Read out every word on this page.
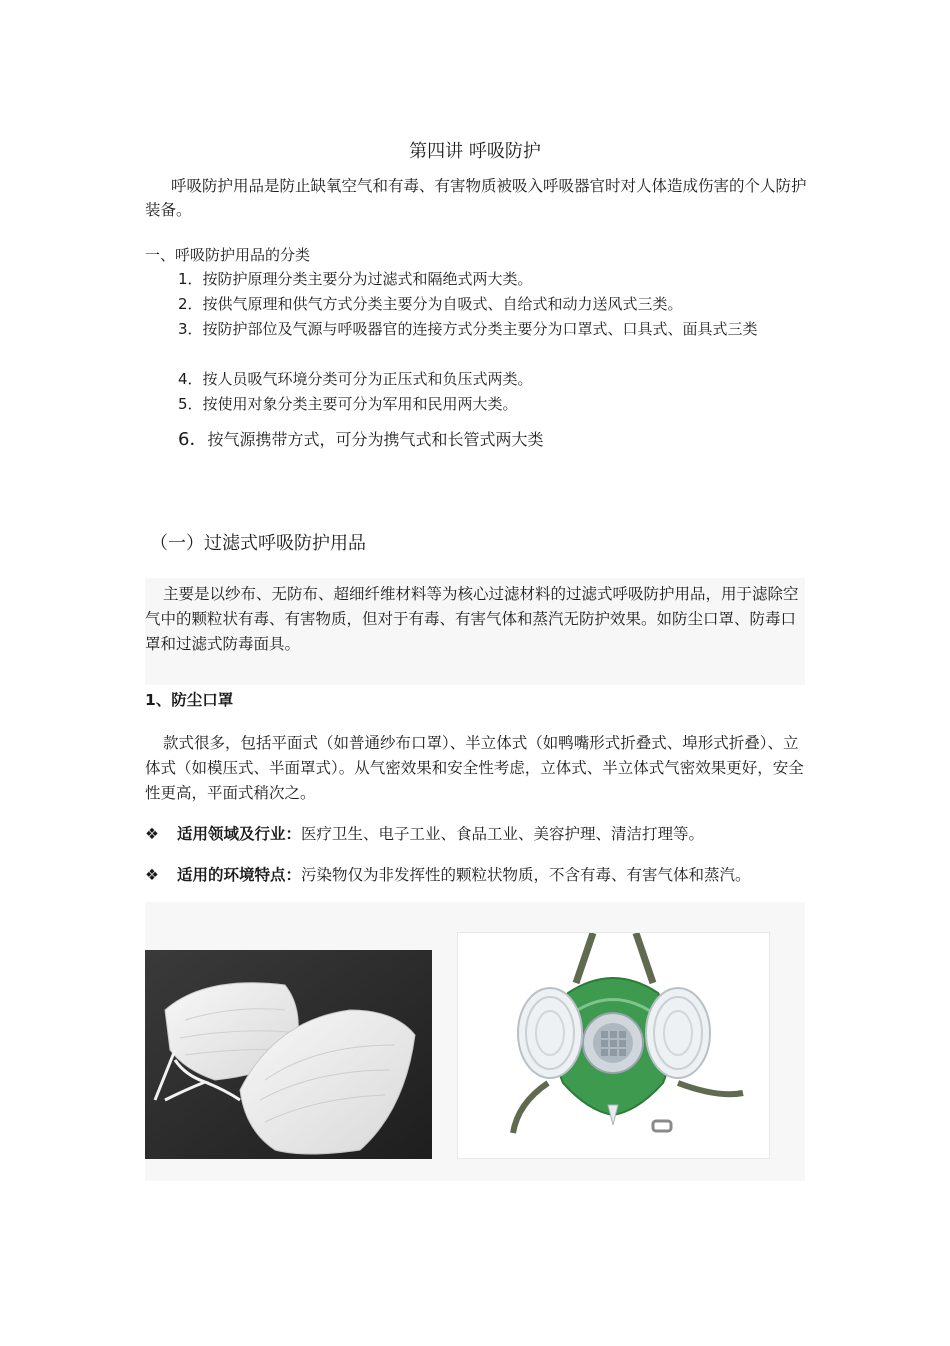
第四讲 呼吸防护
呼吸防护用品是防止缺氧空气和有毒、有害物质被吸入呼吸器官时对人体造成伤害的个人防护装备。
一、呼吸防护用品的分类
1．按防护原理分类主要分为过滤式和隔绝式两大类。
2．按供气原理和供气方式分类主要分为自吸式、自给式和动力送风式三类。
3．按防护部位及气源与呼吸器官的连接方式分类主要分为口罩式、口具式、面具式三类
4．按人员吸气环境分类可分为正压式和负压式两类。
5．按使用对象分类主要可分为军用和民用两大类。
6．按气源携带方式，可分为携气式和长管式两大类
（一）过滤式呼吸防护用品
主要是以纱布、无防布、超细纤维材料等为核心过滤材料的过滤式呼吸防护用品，用于滤除空气中的颗粒状有毒、有害物质，但对于有毒、有害气体和蒸汽无防护效果。如防尘口罩、防毒口罩和过滤式防毒面具。
1、防尘口罩
款式很多，包括平面式（如普通纱布口罩）、半立体式（如鸭嘴形式折叠式、埠形式折叠）、立体式（如模压式、半面罩式）。从气密效果和安全性考虑，立体式、半立体式气密效果更好，安全性更高，平面式稍次之。
❖ 适用领域及行业：医疗卫生、电子工业、食品工业、美容护理、清洁打理等。
❖ 适用的环境特点：污染物仅为非发挥性的颗粒状物质，不含有毒、有害气体和蒸汽。
